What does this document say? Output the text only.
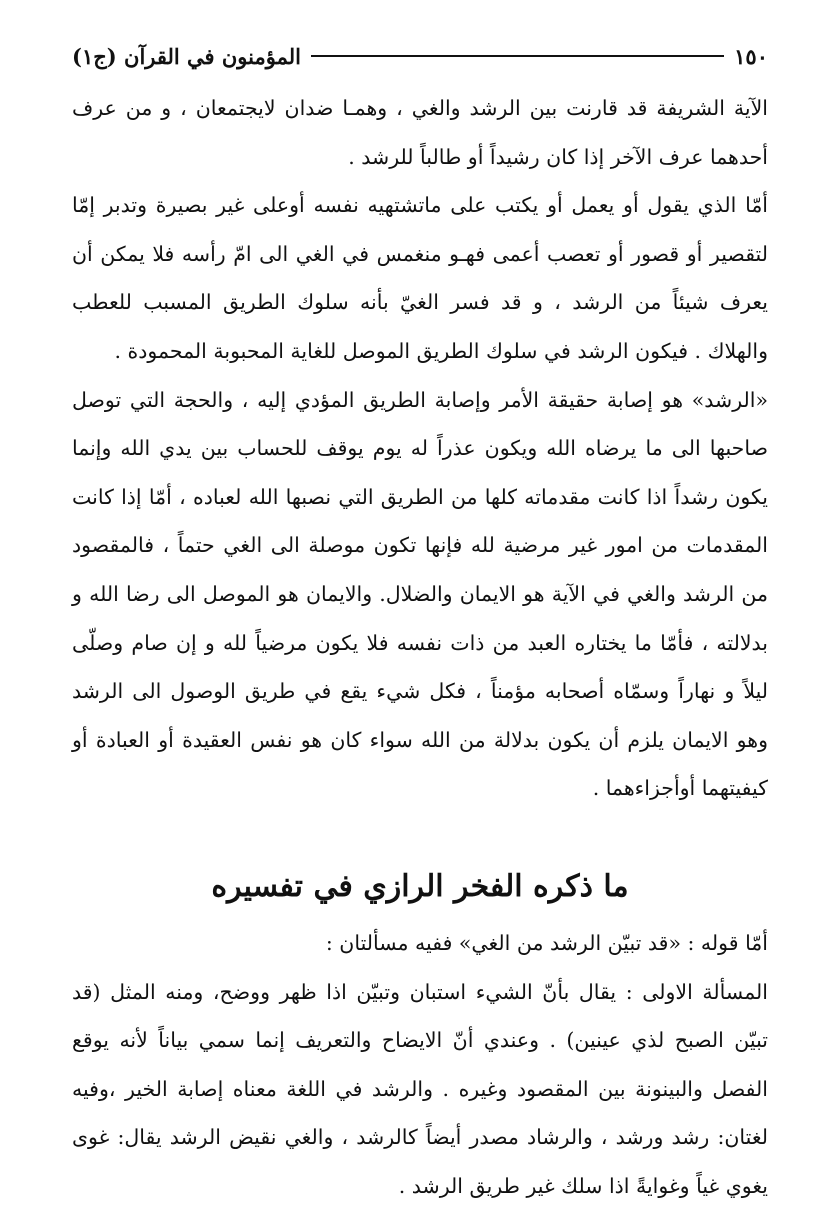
١٥٠
المؤمنون في القرآن (ج١)

الآية الشريفة قد قارنت بين الرشد والغي ، وهمـا ضدان لايجتمعان ، و من عرف أحدهما عرف الآخر إذا كان رشيداً أو طالباً للرشد .

أمّا الذي يقول أو يعمل أو يكتب على ماتشتهيه نفسه أوعلى غير بصيرة وتدبر إمّا لتقصير أو قصور أو تعصب أعمى فهـو منغمس في الغي الى امّ رأسه فلا يمكن أن يعرف شيئاً من الرشد ، و قد فسر الغيّ بأنه سلوك الطريق المسبب للعطب والهلاك . فيكون الرشد في سلوك الطريق الموصل للغاية المحبوبة المحمودة .

«الرشد» هو إصابة حقيقة الأمر وإصابة الطريق المؤدي إليه ، والحجة التي توصل صاحبها الى ما يرضاه الله ويكون عذراً له يوم يوقف للحساب بين يدي الله وإنما يكون رشداً اذا كانت مقدماته كلها من الطريق التي نصبها الله لعباده ، أمّا إذا كانت المقدمات من امور غير مرضية لله فإنها تكون موصلة الى الغي حتماً ، فالمقصود من الرشد والغي في الآية هو الايمان والضلال. والايمان هو الموصل الى رضا الله و بدلالته ، فأمّا ما يختاره العبد من ذات نفسه فلا يكون مرضياً لله و إن صام وصلّى ليلاً و نهاراً وسمّاه أصحابه مؤمناً ، فكل شيء يقع في طريق الوصول الى الرشد وهو الايمان يلزم أن يكون بدلالة من الله سواء كان هو نفس العقيدة أو العبادة أو كيفيتهما أوأجزاءهما .

ما ذكره الفخر الرازي في تفسيره

أمّا قوله : «قد تبيّن الرشد من الغي» ففيه مسألتان :

المسألة الاولى : يقال بأنّ الشيء استبان وتبيّن اذا ظهر ووضح، ومنه المثل (قد تبيّن الصبح لذي عينين) . وعندي أنّ الايضاح والتعريف إنما سمي بياناً لأنه يوقع الفصل والبينونة بين المقصود وغيره . والرشد في اللغة معناه إصابة الخير ،وفيه لغتان: رشد ورشد ، والرشاد مصدر أيضاً كالرشد ، والغي نقيض الرشد يقال: غوى يغوي غياً وغوايةً اذا سلك غير طريق الرشد .
